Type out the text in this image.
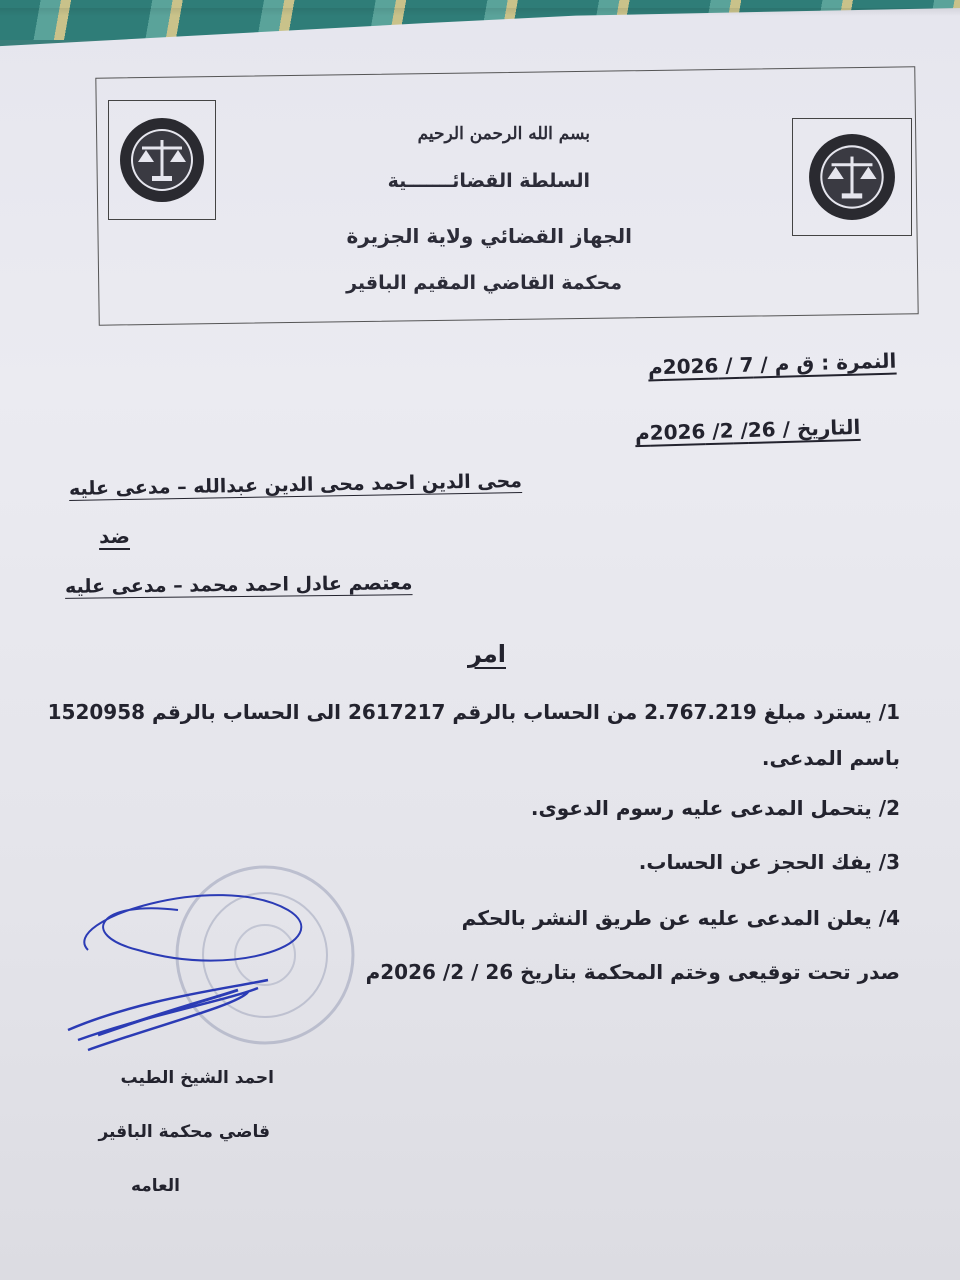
بسم الله الرحمن الرحيم
السلطة القضائـــــــية
الجهاز القضائي ولاية الجزيرة
محكمة القاضي المقيم الباقير
النمرة : ق م / 7 / 2026م
التاريخ / 26/ 2/ 2026م
محى الدين احمد محى الدين عبدالله – مدعى عليه
ضد
معتصم عادل احمد محمد – مدعى عليه
امر
1/ يسترد مبلغ 2.767.219 من الحساب بالرقم 2617217 الى الحساب بالرقم 1520958
باسم المدعى.
2/ يتحمل المدعى عليه رسوم الدعوى.
3/ يفك الحجز عن الحساب.
4/ يعلن المدعى عليه عن طريق النشر بالحكم
صدر تحت توقيعى وختم المحكمة بتاريخ 26 / 2/ 2026م
احمد الشيخ الطيب
قاضي محكمة الباقير
العامه
